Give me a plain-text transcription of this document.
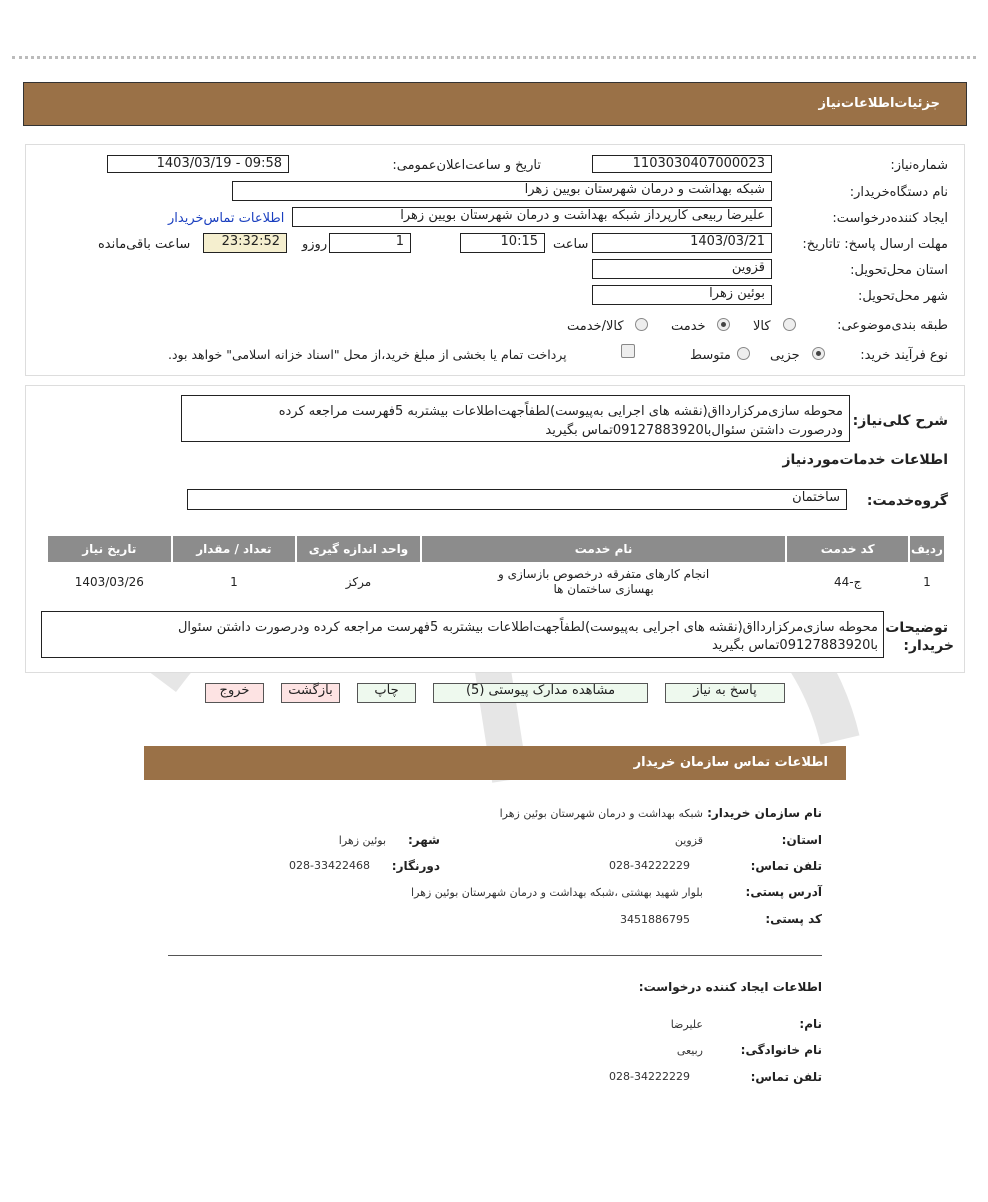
جزئیات‌اطلاعات‌نیاز
شماره‌نیاز:
1103030407000023
تاریخ و ساعت‌اعلان‌عمومی:
1403/03/19 - 09:58
نام دستگاه‌خریدار:
شبکه بهداشت و درمان شهرستان بویین زهرا
ایجاد کننده‌درخواست:
علیرضا ربیعی کارپرداز شبکه بهداشت و درمان شهرستان بویین زهرا
اطلاعات تماس‌خریدار
مهلت ارسال پاسخ: تاتاریخ:
1403/03/21
ساعت
10:15
1
روزو
23:32:52
ساعت باقی‌مانده
استان محل‌تحویل:
قزوین
شهر محل‌تحویل:
بوئین زهرا
طبقه بندی‌موضوعی:
کالا
خدمت
کالا/خدمت
نوع فرآیند خرید:
جزیی
متوسط
پرداخت تمام یا بخشی از مبلغ خرید،از محل "اسناد خزانه اسلامی" خواهد بود.
شرح کلی‌نیاز:
محوطه سازی‌مرکزاردااق(نقشه های اجرایی به‌پیوست)لطفاًجهت‌اطلاعات بیشتربه 5فهرست مراجعه کرده
ودرصورت داشتن سئوال‌با09127883920تماس بگیرید
اطلاعات خدمات‌مورد‌نیاز
گروه‌خدمت:
ساختمان
ردیف	کد خدمت	نام خدمت	واحد اندازه گیری	تعداد / مقدار	تاریخ نیاز
1	ج-44	انجام کارهای متفرقه درخصوص بازسازی و بهسازی ساختمان ها	مرکز	1	1403/03/26
توضیحات
خریدار:
محوطه سازی‌مرکزاردااق(نقشه های اجرایی به‌پیوست)لطفاًجهت‌اطلاعات بیشتربه 5فهرست مراجعه کرده ودرصورت داشتن سئوال
با09127883920تماس بگیرید
پاسخ به نیاز
مشاهده مدارک پیوستی (5)
چاپ
بازگشت
خروج
اطلاعات تماس سازمان خریدار
نام سازمان خریدار:
شبکه بهداشت و درمان شهرستان بوئین زهرا
استان:
قزوین
شهر:
بوئین زهرا
تلفن تماس:
028-34222229
دورنگار:
028-33422468
آدرس پستی:
بلوار شهید بهشتی ،شبکه بهداشت و درمان شهرستان بوئین زهرا
کد پستی:
3451886795
اطلاعات ایجاد کننده درخواست:
نام:
علیرضا
نام خانوادگی:
ربیعی
تلفن تماس:
028-34222229
